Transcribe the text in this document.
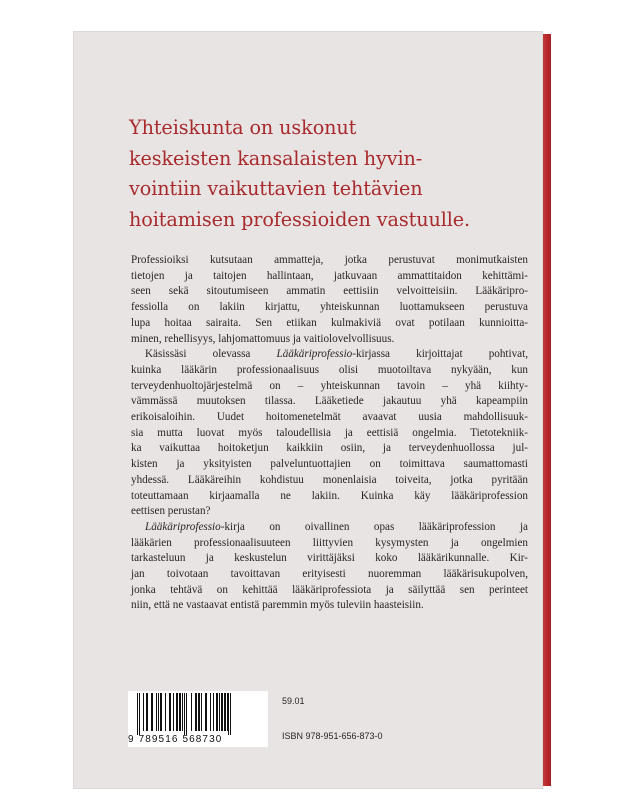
Yhteiskunta on uskonut
keskeisten kansalaisten hyvin-
vointiin vaikuttavien tehtävien
hoitamisen professioiden vastuulle.

Professioiksi kutsutaan ammatteja, jotka perustuvat monimutkaisten
tietojen ja taitojen hallintaan, jatkuvaan ammattitaidon kehittämi-
seen sekä sitoutumiseen ammatin eettisiin velvoitteisiin. Lääkäripro-
fessiolla on lakiin kirjattu, yhteiskunnan luottamukseen perustuva
lupa hoitaa sairaita. Sen etiikan kulmakiviä ovat potilaan kunnioitta-
minen, rehellisyys, lahjomattomuus ja vaitiolovelvollisuus.

Käsissäsi olevassa Lääkäriprofessio-kirjassa kirjoittajat pohtivat,
kuinka lääkärin professionaalisuus olisi muotoiltava nykyään, kun
terveydenhuoltojärjestelmä on – yhteiskunnan tavoin – yhä kiihty-
vämmässä muutoksen tilassa. Lääketiede jakautuu yhä kapeampiin
erikoisaloihin. Uudet hoitomenetelmät avaavat uusia mahdollisuuk-
sia mutta luovat myös taloudellisia ja eettisiä ongelmia. Tietotekniik-
ka vaikuttaa hoitoketjun kaikkiin osiin, ja terveydenhuollossa jul-
kisten ja yksityisten palveluntuottajien on toimittava saumattomasti
yhdessä. Lääkäreihin kohdistuu monenlaisia toiveita, jotka pyritään
toteuttamaan kirjaamalla ne lakiin. Kuinka käy lääkäriprofession
eettisen perustan?

Lääkäriprofessio-kirja on oivallinen opas lääkäriprofession ja
lääkärien professionaalisuuteen liittyvien kysymysten ja ongelmien
tarkasteluun ja keskustelun virittäjäksi koko lääkärikunnalle. Kir-
jan toivotaan tavoittavan erityisesti nuoremman lääkärisukupolven,
jonka tehtävä on kehittää lääkäriprofessiota ja säilyttää sen perinteet
niin, että ne vastaavat entistä paremmin myös tuleviin haasteisiin.

9 789516 568730
59.01
ISBN 978-951-656-873-0
